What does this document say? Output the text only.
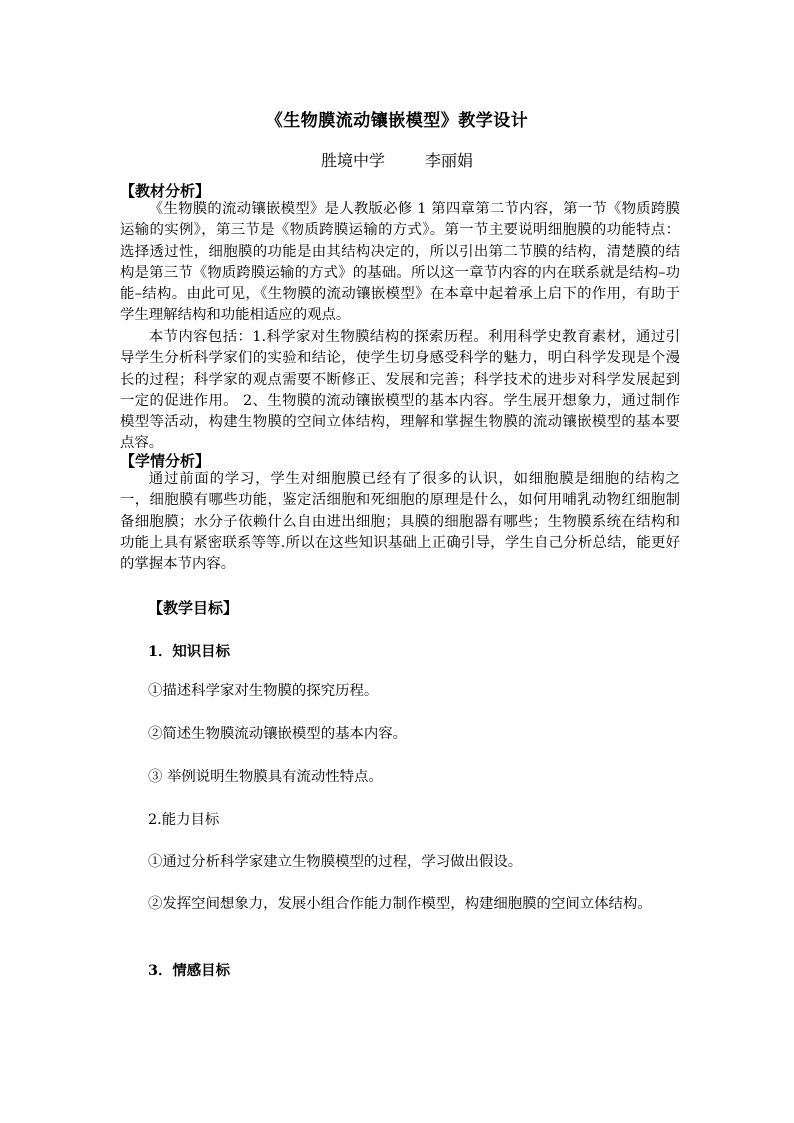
《生物膜流动镶嵌模型》教学设计
胜境中学	李丽娟
【教材分析】

《生物膜的流动镶嵌模型》是人教版必修 1 第四章第二节内容，第一节《物质跨膜运输的实例》，第三节是《物质跨膜运输的方式》。第一节主要说明细胞膜的功能特点：选择透过性，细胞膜的功能是由其结构决定的，所以引出第二节膜的结构，清楚膜的结构是第三节《物质跨膜运输的方式》的基础。所以这一章节内容的内在联系就是结构–功能–结构。由此可见，《生物膜的流动镶嵌模型》在本章中起着承上启下的作用，有助于学生理解结构和功能相适应的观点。

本节内容包括：1.科学家对生物膜结构的探索历程。利用科学史教育素材，通过引导学生分析科学家们的实验和结论，使学生切身感受科学的魅力，明白科学发现是个漫长的过程；科学家的观点需要不断修正、发展和完善；科学技术的进步对科学发展起到一定的促进作用。 2、生物膜的流动镶嵌模型的基本内容。学生展开想象力，通过制作模型等活动，构建生物膜的空间立体结构，理解和掌握生物膜的流动镶嵌模型的基本要点容。

【学情分析】

通过前面的学习，学生对细胞膜已经有了很多的认识，如细胞膜是细胞的结构之一，细胞膜有哪些功能，鉴定活细胞和死细胞的原理是什么，如何用哺乳动物红细胞制备细胞膜；水分子依赖什么自由进出细胞；具膜的细胞器有哪些；生物膜系统在结构和功能上具有紧密联系等等.所以在这些知识基础上正确引导，学生自己分析总结，能更好的掌握本节内容。

【教学目标】
1．知识目标
①描述科学家对生物膜的探究历程。
②简述生物膜流动镶嵌模型的基本内容。
③ 举例说明生物膜具有流动性特点。
2.能力目标
①通过分析科学家建立生物膜模型的过程，学习做出假设。

②发挥空间想象力，发展小组合作能力制作模型，构建细胞膜的空间立体结构。

3．情感目标
